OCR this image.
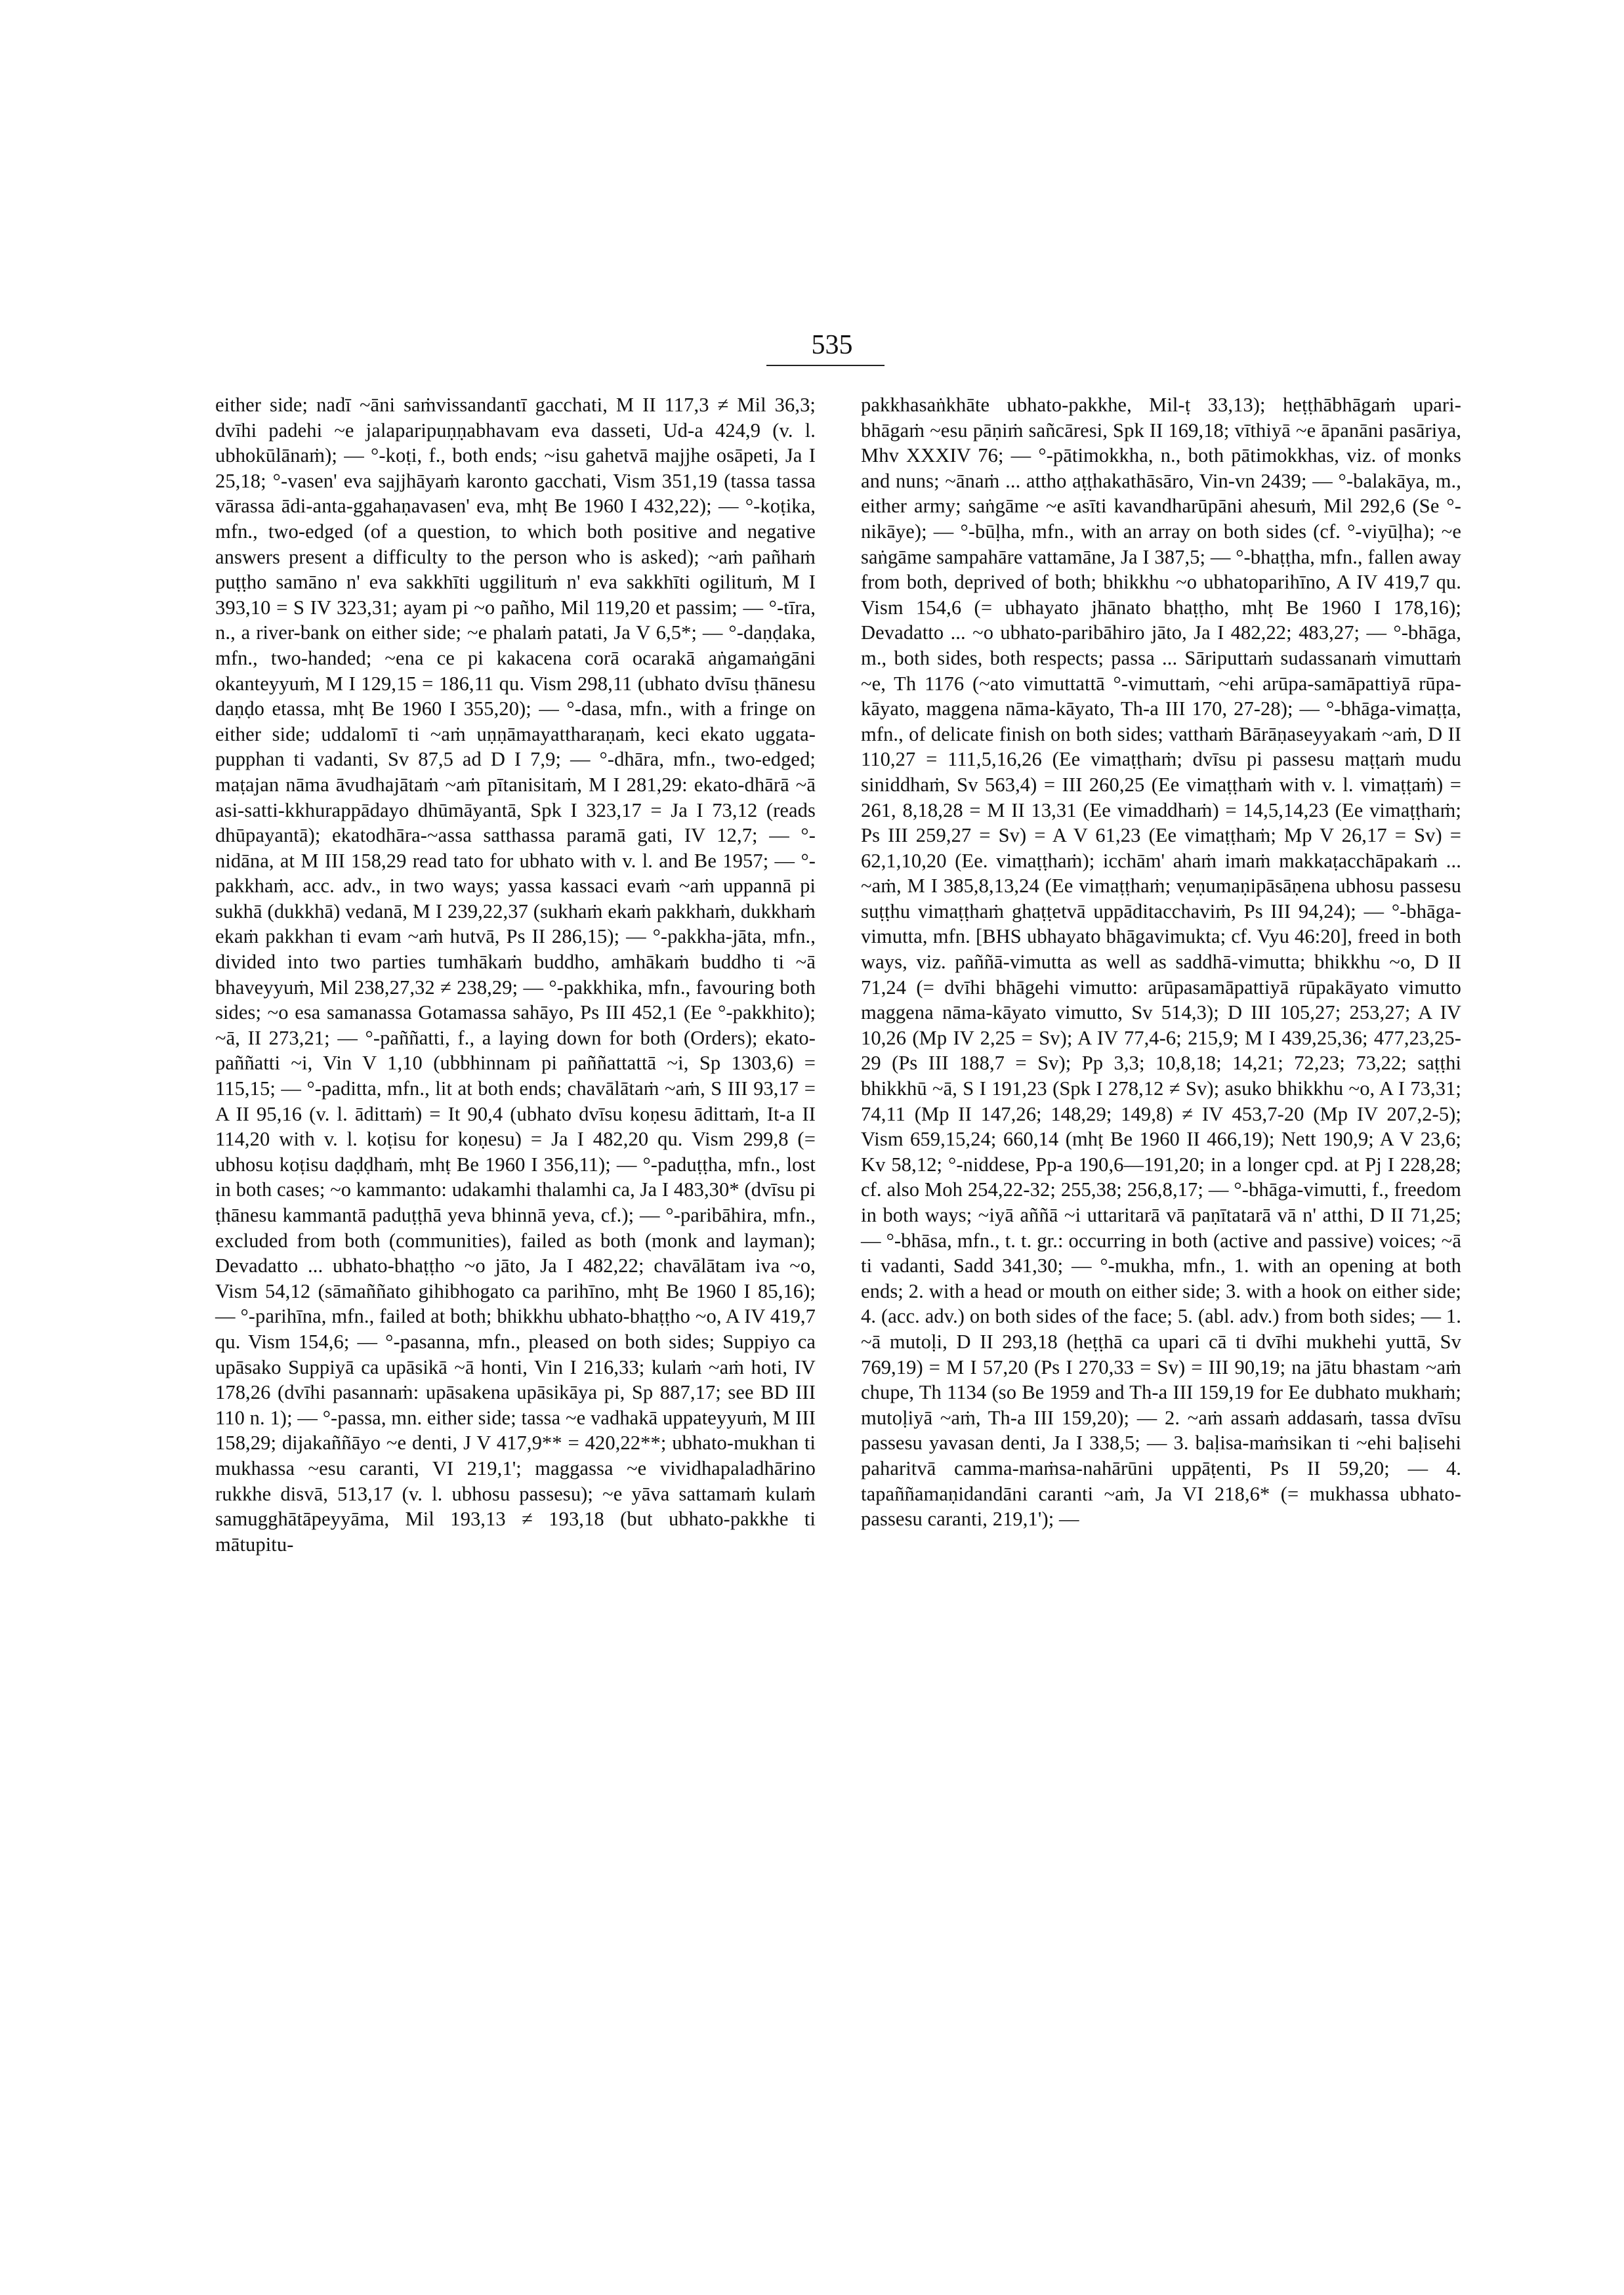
535

either side; nadī ~āni saṁvissandantī gacchati, M II 117,3 ≠ Mil 36,3; dvīhi padehi ~e jalaparipuṇṇabhavam eva dasseti, Ud-a 424,9 (v. l. ubhokūlānaṁ); — °-koṭi, f., both ends; ~isu gahetvā majjhe osāpeti, Ja I 25,18; °-vasen' eva sajjhāyaṁ karonto gacchati, Vism 351,19 (tassa tassa vārassa ādi-anta-ggahaṇavasen' eva, mhṭ Be 1960 I 432,22); — °-koṭika, mfn., two-edged (of a question, to which both positive and negative answers present a difficulty to the person who is asked); ~aṁ pañhaṁ puṭṭho samāno n' eva sakkhīti uggilituṁ n' eva sakkhīti ogilituṁ, M I 393,10 = S IV 323,31; ayam pi ~o pañho, Mil 119,20 et passim; — °-tīra, n., a river-bank on either side; ~e phalaṁ patati, Ja V 6,5*; — °-daṇḍaka, mfn., two-handed; ~ena ce pi kakacena corā ocarakā aṅgamaṅgāni okanteyyuṁ, M I 129,15 = 186,11 qu. Vism 298,11 (ubhato dvīsu ṭhānesu daṇḍo etassa, mhṭ Be 1960 I 355,20); — °-dasa, mfn., with a fringe on either side; uddalomī ti ~aṁ uṇṇāmayattharaṇaṁ, keci ekato uggata-pupphan ti vadanti, Sv 87,5 ad D I 7,9; — °-dhāra, mfn., two-edged; maṭajan nāma āvudhajātaṁ ~aṁ pītanisitaṁ, M I 281,29: ekato-dhārā ~ā asi-satti-kkhurappādayo dhūmāyantā, Spk I 323,17 = Ja I 73,12 (reads dhūpayantā); ekatodhāra-~assa satthassa paramā gati, IV 12,7; — °-nidāna, at M III 158,29 read tato for ubhato with v. l. and Be 1957; — °-pakkhaṁ, acc. adv., in two ways; yassa kassaci evaṁ ~aṁ uppannā pi sukhā (dukkhā) vedanā, M I 239,22,37 (sukhaṁ ekaṁ pakkhaṁ, dukkhaṁ ekaṁ pakkhan ti evam ~aṁ hutvā, Ps II 286,15); — °-pakkha-jāta, mfn., divided into two parties tumhākaṁ buddho, amhākaṁ buddho ti ~ā bhaveyyuṁ, Mil 238,27,32 ≠ 238,29; — °-pakkhika, mfn., favouring both sides; ~o esa samanassa Gotamassa sahāyo, Ps III 452,1 (Ee °-pakkhito); ~ā, II 273,21; — °-paññatti, f., a laying down for both (Orders); ekato-paññatti ~i, Vin V 1,10 (ubbhinnam pi paññattattā ~i, Sp 1303,6) = 115,15; — °-paditta, mfn., lit at both ends; chavālātaṁ ~aṁ, S III 93,17 = A II 95,16 (v. l. ādittaṁ) = It 90,4 (ubhato dvīsu koṇesu ādittaṁ, It-a II 114,20 with v. l. koṭisu for koṇesu) = Ja I 482,20 qu. Vism 299,8 (= ubhosu koṭisu daḍḍhaṁ, mhṭ Be 1960 I 356,11); — °-paduṭṭha, mfn., lost in both cases; ~o kammanto: udakamhi thalamhi ca, Ja I 483,30* (dvīsu pi ṭhānesu kammantā paduṭṭhā yeva bhinnā yeva, cf.); — °-paribāhira, mfn., excluded from both (communities), failed as both (monk and layman); Devadatto ... ubhato-bhaṭṭho ~o jāto, Ja I 482,22; chavālātam iva ~o, Vism 54,12 (sāmaññato gihibhogato ca parihīno, mhṭ Be 1960 I 85,16); — °-parihīna, mfn., failed at both; bhikkhu ubhato-bhaṭṭho ~o, A IV 419,7 qu. Vism 154,6; — °-pasanna, mfn., pleased on both sides; Suppiyo ca upāsako Suppiyā ca upāsikā ~ā honti, Vin I 216,33; kulaṁ ~aṁ hoti, IV 178,26 (dvīhi pasannaṁ: upāsakena upāsikāya pi, Sp 887,17; see BD III 110 n. 1); — °-passa, mn. either side; tassa ~e vadhakā uppateyyuṁ, M III 158,29; dijakaññāyo ~e denti, J V 417,9** = 420,22**; ubhato-mukhan ti mukhassa ~esu caranti, VI 219,1'; maggassa ~e vividhapaladhārino rukkhe disvā, 513,17 (v. l. ubhosu passesu); ~e yāva sattamaṁ kulaṁ samugghātāpeyyāma, Mil 193,13 ≠ 193,18 (but ubhato-pakkhe ti mātupitu-

pakkhasaṅkhāte ubhato-pakkhe, Mil-ṭ 33,13); heṭṭhābhāgaṁ upari-bhāgaṁ ~esu pāṇiṁ sañcāresi, Spk II 169,18; vīthiyā ~e āpanāni pasāriya, Mhv XXXIV 76; — °-pātimokkha, n., both pātimokkhas, viz. of monks and nuns; ~ānaṁ ... attho aṭṭhakathāsāro, Vin-vn 2439; — °-balakāya, m., either army; saṅgāme ~e asīti kavandharūpāni ahesuṁ, Mil 292,6 (Se °-nikāye); — °-būḷha, mfn., with an array on both sides (cf. °-viyūḷha); ~e saṅgāme sampahāre vattamāne, Ja I 387,5; — °-bhaṭṭha, mfn., fallen away from both, deprived of both; bhikkhu ~o ubhatoparihīno, A IV 419,7 qu. Vism 154,6 (= ubhayato jhānato bhaṭṭho, mhṭ Be 1960 I 178,16); Devadatto ... ~o ubhato-paribāhiro jāto, Ja I 482,22; 483,27; — °-bhāga, m., both sides, both respects; passa ... Sāriputtaṁ sudassanaṁ vimuttaṁ ~e, Th 1176 (~ato vimuttattā °-vimuttaṁ, ~ehi arūpa-samāpattiyā rūpa-kāyato, maggena nāma-kāyato, Th-a III 170, 27-28); — °-bhāga-vimaṭṭa, mfn., of delicate finish on both sides; vatthaṁ Bārāṇaseyyakaṁ ~aṁ, D II 110,27 = 111,5,16,26 (Ee vimaṭṭhaṁ; dvīsu pi passesu maṭṭaṁ mudu siniddhaṁ, Sv 563,4) = III 260,25 (Ee vimaṭṭhaṁ with v. l. vimaṭṭaṁ) = 261, 8,18,28 = M II 13,31 (Ee vimaddhaṁ) = 14,5,14,23 (Ee vimaṭṭhaṁ; Ps III 259,27 = Sv) = A V 61,23 (Ee vimaṭṭhaṁ; Mp V 26,17 = Sv) = 62,1,10,20 (Ee. vimaṭṭhaṁ); icchām' ahaṁ imaṁ makkaṭacchāpakaṁ ... ~aṁ, M I 385,8,13,24 (Ee vimaṭṭhaṁ; veṇumaṇipāsāṇena ubhosu passesu suṭṭhu vimaṭṭhaṁ ghaṭṭetvā uppāditacchaviṁ, Ps III 94,24); — °-bhāga-vimutta, mfn. [BHS ubhayato bhāgavimukta; cf. Vyu 46:20], freed in both ways, viz. paññā-vimutta as well as saddhā-vimutta; bhikkhu ~o, D II 71,24 (= dvīhi bhāgehi vimutto: arūpasamāpattiyā rūpakāyato vimutto maggena nāma-kāyato vimutto, Sv 514,3); D III 105,27; 253,27; A IV 10,26 (Mp IV 2,25 = Sv); A IV 77,4-6; 215,9; M I 439,25,36; 477,23,25-29 (Ps III 188,7 = Sv); Pp 3,3; 10,8,18; 14,21; 72,23; 73,22; saṭṭhi bhikkhū ~ā, S I 191,23 (Spk I 278,12 ≠ Sv); asuko bhikkhu ~o, A I 73,31; 74,11 (Mp II 147,26; 148,29; 149,8) ≠ IV 453,7-20 (Mp IV 207,2-5); Vism 659,15,24; 660,14 (mhṭ Be 1960 II 466,19); Nett 190,9; A V 23,6; Kv 58,12; °-niddese, Pp-a 190,6—191,20; in a longer cpd. at Pj I 228,28; cf. also Moh 254,22-32; 255,38; 256,8,17; — °-bhāga-vimutti, f., freedom in both ways; ~iyā aññā ~i uttaritarā vā paṇītatarā vā n' atthi, D II 71,25; — °-bhāsa, mfn., t. t. gr.: occurring in both (active and passive) voices; ~ā ti vadanti, Sadd 341,30; — °-mukha, mfn., 1. with an opening at both ends; 2. with a head or mouth on either side; 3. with a hook on either side; 4. (acc. adv.) on both sides of the face; 5. (abl. adv.) from both sides; — 1. ~ā mutoḷi, D II 293,18 (heṭṭhā ca upari cā ti dvīhi mukhehi yuttā, Sv 769,19) = M I 57,20 (Ps I 270,33 = Sv) = III 90,19; na jātu bhastam ~aṁ chupe, Th 1134 (so Be 1959 and Th-a III 159,19 for Ee dubhato mukhaṁ; mutoḷiyā ~aṁ, Th-a III 159,20); — 2. ~aṁ assaṁ addasaṁ, tassa dvīsu passesu yavasan denti, Ja I 338,5; — 3. baḷisa-maṁsikan ti ~ehi baḷisehi paharitvā camma-maṁsa-nahārūni uppāṭenti, Ps II 59,20; — 4. tapaññamaṇidandāni caranti ~aṁ, Ja VI 218,6* (= mukhassa ubhato-passesu caranti, 219,1'); —
